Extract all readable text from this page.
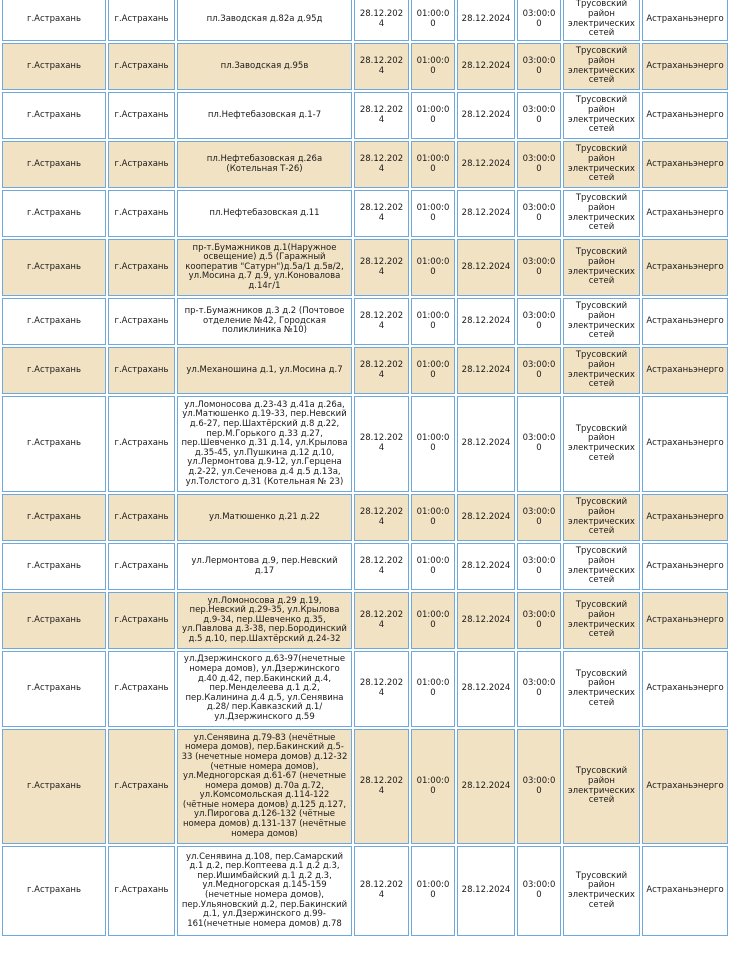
г.Астрахань	г.Астрахань	пл.Заводская д.82а д.95д	28.12.2024	01:00:00	28.12.2024	03:00:00	Трусовский район электрических сетей	Астраханьэнерго
г.Астрахань	г.Астрахань	пл.Заводская д.95в	28.12.2024	01:00:00	28.12.2024	03:00:00	Трусовский район электрических сетей	Астраханьэнерго
г.Астрахань	г.Астрахань	пл.Нефтебазовская д.1-7	28.12.2024	01:00:00	28.12.2024	03:00:00	Трусовский район электрических сетей	Астраханьэнерго
г.Астрахань	г.Астрахань	пл.Нефтебазовская д.26а (Котельная Т-26)	28.12.2024	01:00:00	28.12.2024	03:00:00	Трусовский район электрических сетей	Астраханьэнерго
г.Астрахань	г.Астрахань	пл.Нефтебазовская д.11	28.12.2024	01:00:00	28.12.2024	03:00:00	Трусовский район электрических сетей	Астраханьэнерго
г.Астрахань	г.Астрахань	пр-т.Бумажников д.1(Наружное освещение) д.5 (Гаражный кооператив "Сатурн")д.5а/1 д.5в/2, ул.Мосина д.7 д.9, ул.Коновалова д.14г/1	28.12.2024	01:00:00	28.12.2024	03:00:00	Трусовский район электрических сетей	Астраханьэнерго
г.Астрахань	г.Астрахань	пр-т.Бумажников д.3 д.2 (Почтовое отделение №42, Городская поликлиника №10)	28.12.2024	01:00:00	28.12.2024	03:00:00	Трусовский район электрических сетей	Астраханьэнерго
г.Астрахань	г.Астрахань	ул.Механошина д.1, ул.Мосина д.7	28.12.2024	01:00:00	28.12.2024	03:00:00	Трусовский район электрических сетей	Астраханьэнерго
г.Астрахань	г.Астрахань	ул.Ломоносова д.23-43 д.41а д.26а, ул.Матюшенко д.19-33, пер.Невский д.6-27, пер.Шахтёрский д.8 д.22, пер.М.Горького д.33 д.27, пер.Шевченко д.31 д.14, ул.Крылова д.35-45, ул.Пушкина д.12 д.10, ул.Лермонтова д.9-12, ул.Герцена д.2-22, ул.Сеченова д.4 д.5 д.13а, ул.Толстого д.31 (Котельная № 23)	28.12.2024	01:00:00	28.12.2024	03:00:00	Трусовский район электрических сетей	Астраханьэнерго
г.Астрахань	г.Астрахань	ул.Матюшенко д.21 д.22	28.12.2024	01:00:00	28.12.2024	03:00:00	Трусовский район электрических сетей	Астраханьэнерго
г.Астрахань	г.Астрахань	ул.Лермонтова д.9, пер.Невский д.17	28.12.2024	01:00:00	28.12.2024	03:00:00	Трусовский район электрических сетей	Астраханьэнерго
г.Астрахань	г.Астрахань	ул.Ломоносова д.29 д.19, пер.Невский д.29-35, ул.Крылова д.9-34, пер.Шевченко д.35, ул.Павлова д.3-38, пер.Бородинский д.5 д.10, пер.Шахтёрский д.24-32	28.12.2024	01:00:00	28.12.2024	03:00:00	Трусовский район электрических сетей	Астраханьэнерго
г.Астрахань	г.Астрахань	ул.Дзержинского д.63-97(нечетные номера домов), ул.Дзержинского д.40 д.42, пер.Бакинский д.4, пер.Менделеева д.1 д.2, пер.Калинина д.4 д.5, ул.Сенявина д.28/ пер.Кавказский д.1/ ул.Дзержинского д.59	28.12.2024	01:00:00	28.12.2024	03:00:00	Трусовский район электрических сетей	Астраханьэнерго
г.Астрахань	г.Астрахань	ул.Сенявина д.79-83 (нечётные номера домов), пер.Бакинский д.5-33 (нечетные номера домов) д.12-32 (четные номера домов), ул.Медногорская д.61-67 (нечетные номера домов) д.70а д.72, ул.Комсомольская д.114-122 (чётные номера домов) д.125 д.127, ул.Пирогова д.126-132 (чётные номера домов) д.131-137 (нечётные номера домов)	28.12.2024	01:00:00	28.12.2024	03:00:00	Трусовский район электрических сетей	Астраханьэнерго
г.Астрахань	г.Астрахань	ул.Сенявина д.108, пер.Самарский д.1 д.2, пер.Коптеева д.1 д.2 д.3, пер.Ишимбайский д.1 д.2 д.3, ул.Медногорская д.145-159 (нечетные номера домов), пер.Ульяновский д.2, пер.Бакинский д.1, ул.Дзержинского д.99-161(нечетные номера домов) д.78	28.12.2024	01:00:00	28.12.2024	03:00:00	Трусовский район электрических сетей	Астраханьэнерго
